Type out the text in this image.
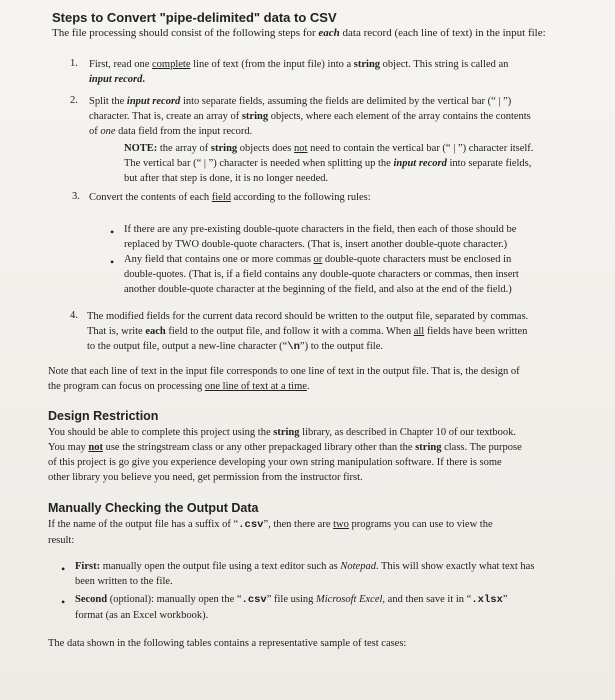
Steps to Convert "pipe-delimited" data to CSV
The file processing should consist of the following steps for each data record (each line of text) in the input file:
1. First, read one complete line of text (from the input file) into a string object. This string is called an
input record.
2. Split the input record into separate fields, assuming the fields are delimited by the vertical bar (“ | ”)
character. That is, create an array of string objects, where each element of the array contains the contents
of one data field from the input record.
NOTE: the array of string objects does not need to contain the vertical bar (“ | ”) character itself.
The vertical bar (“ | ”) character is needed when splitting up the input record into separate fields,
but after that step is done, it is no longer needed.
3. Convert the contents of each field according to the following rules:
• If there are any pre-existing double-quote characters in the field, then each of those should be
replaced by TWO double-quote characters. (That is, insert another double-quote character.)
• Any field that contains one or more commas or double-quote characters must be enclosed in
double-quotes. (That is, if a field contains any double-quote characters or commas, then insert
another double-quote character at the beginning of the field, and also at the end of the field.)
4. The modified fields for the current data record should be written to the output file, separated by commas.
That is, write each field to the output file, and follow it with a comma. When all fields have been written
to the output file, output a new-line character (“\n”) to the output file.
Note that each line of text in the input file corresponds to one line of text in the output file. That is, the design of
the program can focus on processing one line of text at a time.
Design Restriction
You should be able to complete this project using the string library, as described in Chapter 10 of our textbook.
You may not use the stringstream class or any other prepackaged library other than the string class. The purpose
of this project is go give you experience developing your own string manipulation software. If there is some
other library you believe you need, get permission from the instructor first.
Manually Checking the Output Data
If the name of the output file has a suffix of “.csv”, then there are two programs you can use to view the
result:
• First: manually open the output file using a text editor such as Notepad. This will show exactly what text has
been written to the file.
• Second (optional): manually open the “.csv” file using Microsoft Excel, and then save it in “.xlsx”
format (as an Excel workbook).
The data shown in the following tables contains a representative sample of test cases:
